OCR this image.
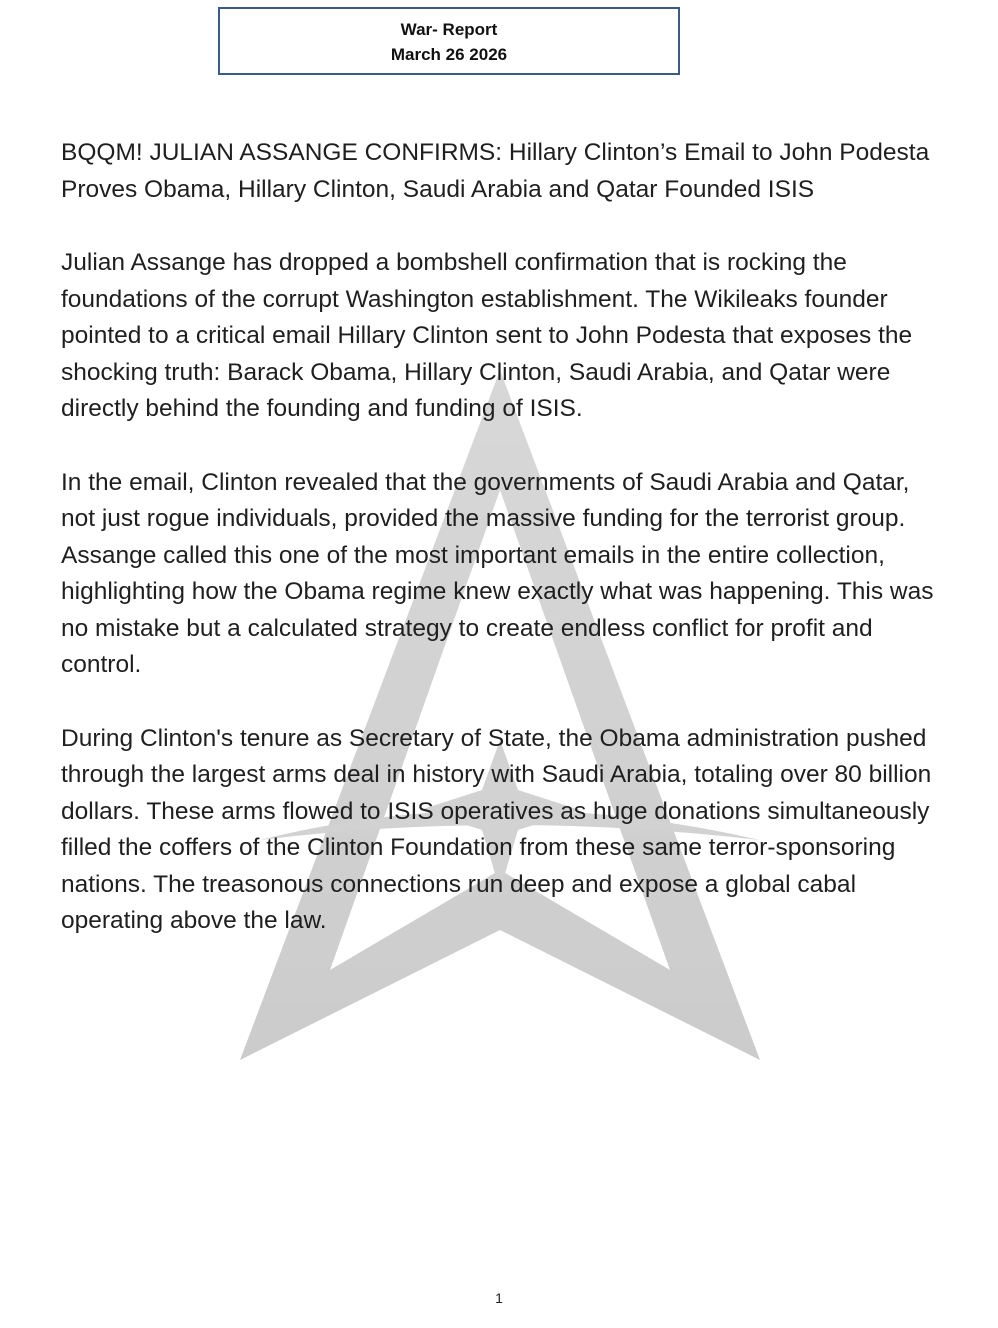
War- Report
March 26 2026

BQQM! JULIAN ASSANGE CONFIRMS: Hillary Clinton’s Email to John Podesta Proves Obama, Hillary Clinton, Saudi Arabia and Qatar Founded ISIS

Julian Assange has dropped a bombshell confirmation that is rocking the foundations of the corrupt Washington establishment. The Wikileaks founder pointed to a critical email Hillary Clinton sent to John Podesta that exposes the shocking truth: Barack Obama, Hillary Clinton, Saudi Arabia, and Qatar were directly behind the founding and funding of ISIS.

In the email, Clinton revealed that the governments of Saudi Arabia and Qatar, not just rogue individuals, provided the massive funding for the terrorist group. Assange called this one of the most important emails in the entire collection, highlighting how the Obama regime knew exactly what was happening. This was no mistake but a calculated strategy to create endless conflict for profit and control.

During Clinton's tenure as Secretary of State, the Obama administration pushed through the largest arms deal in history with Saudi Arabia, totaling over 80 billion dollars. These arms flowed to ISIS operatives as huge donations simultaneously filled the coffers of the Clinton Foundation from these same terror-sponsoring nations. The treasonous connections run deep and expose a global cabal operating above the law.

1
